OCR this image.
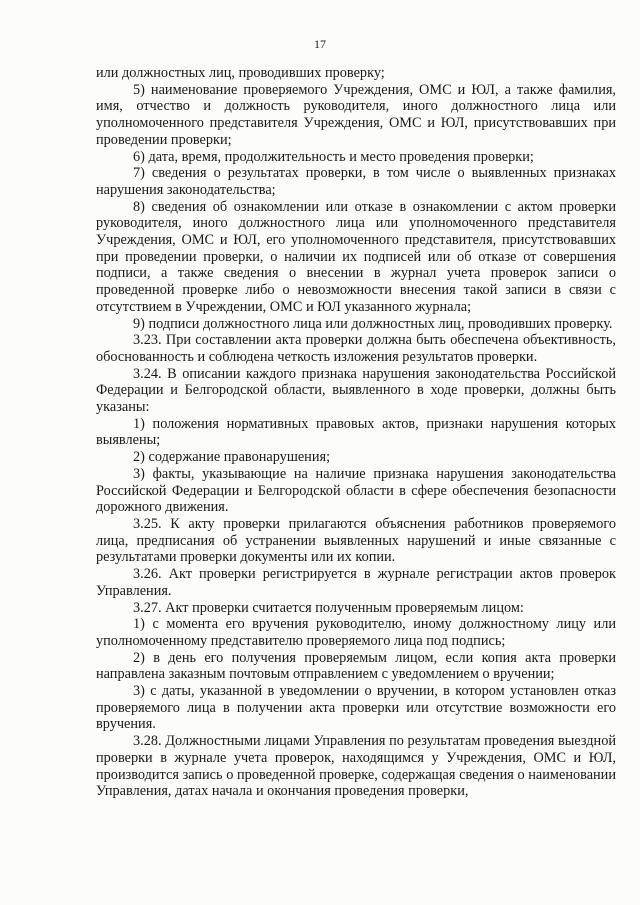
17

или должностных лиц, проводивших проверку;

5) наименование проверяемого Учреждения, ОМС и ЮЛ, а также фамилия, имя, отчество и должность руководителя, иного должностного лица или уполномоченного представителя Учреждения, ОМС и ЮЛ, присутствовавших при проведении проверки;

6) дата, время, продолжительность и место проведения проверки;

7) сведения о результатах проверки, в том числе о выявленных признаках нарушения законодательства;

8) сведения об ознакомлении или отказе в ознакомлении с актом проверки руководителя, иного должностного лица или уполномоченного представителя Учреждения, ОМС и ЮЛ, его уполномоченного представителя, присутствовавших при проведении проверки, о наличии их подписей или об отказе от совершения подписи, а также сведения о внесении в журнал учета проверок записи о проведенной проверке либо о невозможности внесения такой записи в связи с отсутствием в Учреждении, ОМС и ЮЛ указанного журнала;

9) подписи должностного лица или должностных лиц, проводивших проверку.

3.23. При составлении акта проверки должна быть обеспечена объективность, обоснованность и соблюдена четкость изложения результатов проверки.

3.24. В описании каждого признака нарушения законодательства Российской Федерации и Белгородской области, выявленного в ходе проверки, должны быть указаны:

1) положения нормативных правовых актов, признаки нарушения которых выявлены;

2) содержание правонарушения;

3) факты, указывающие на наличие признака нарушения законодательства Российской Федерации и Белгородской области в сфере обеспечения безопасности дорожного движения.

3.25. К акту проверки прилагаются объяснения работников проверяемого лица, предписания об устранении выявленных нарушений и иные связанные с результатами проверки документы или их копии.

3.26. Акт проверки регистрируется в журнале регистрации актов проверок Управления.

3.27. Акт проверки считается полученным проверяемым лицом:

1) с момента его вручения руководителю, иному должностному лицу или уполномоченному представителю проверяемого лица под подпись;

2) в день его получения проверяемым лицом, если копия акта проверки направлена заказным почтовым отправлением с уведомлением о вручении;

3) с даты, указанной в уведомлении о вручении, в котором установлен отказ проверяемого лица в получении акта проверки или отсутствие возможности его вручения.

3.28. Должностными лицами Управления по результатам проведения выездной проверки в журнале учета проверок, находящимся у Учреждения, ОМС и ЮЛ, производится запись о проведенной проверке, содержащая сведения о наименовании Управления, датах начала и окончания проведения проверки,
